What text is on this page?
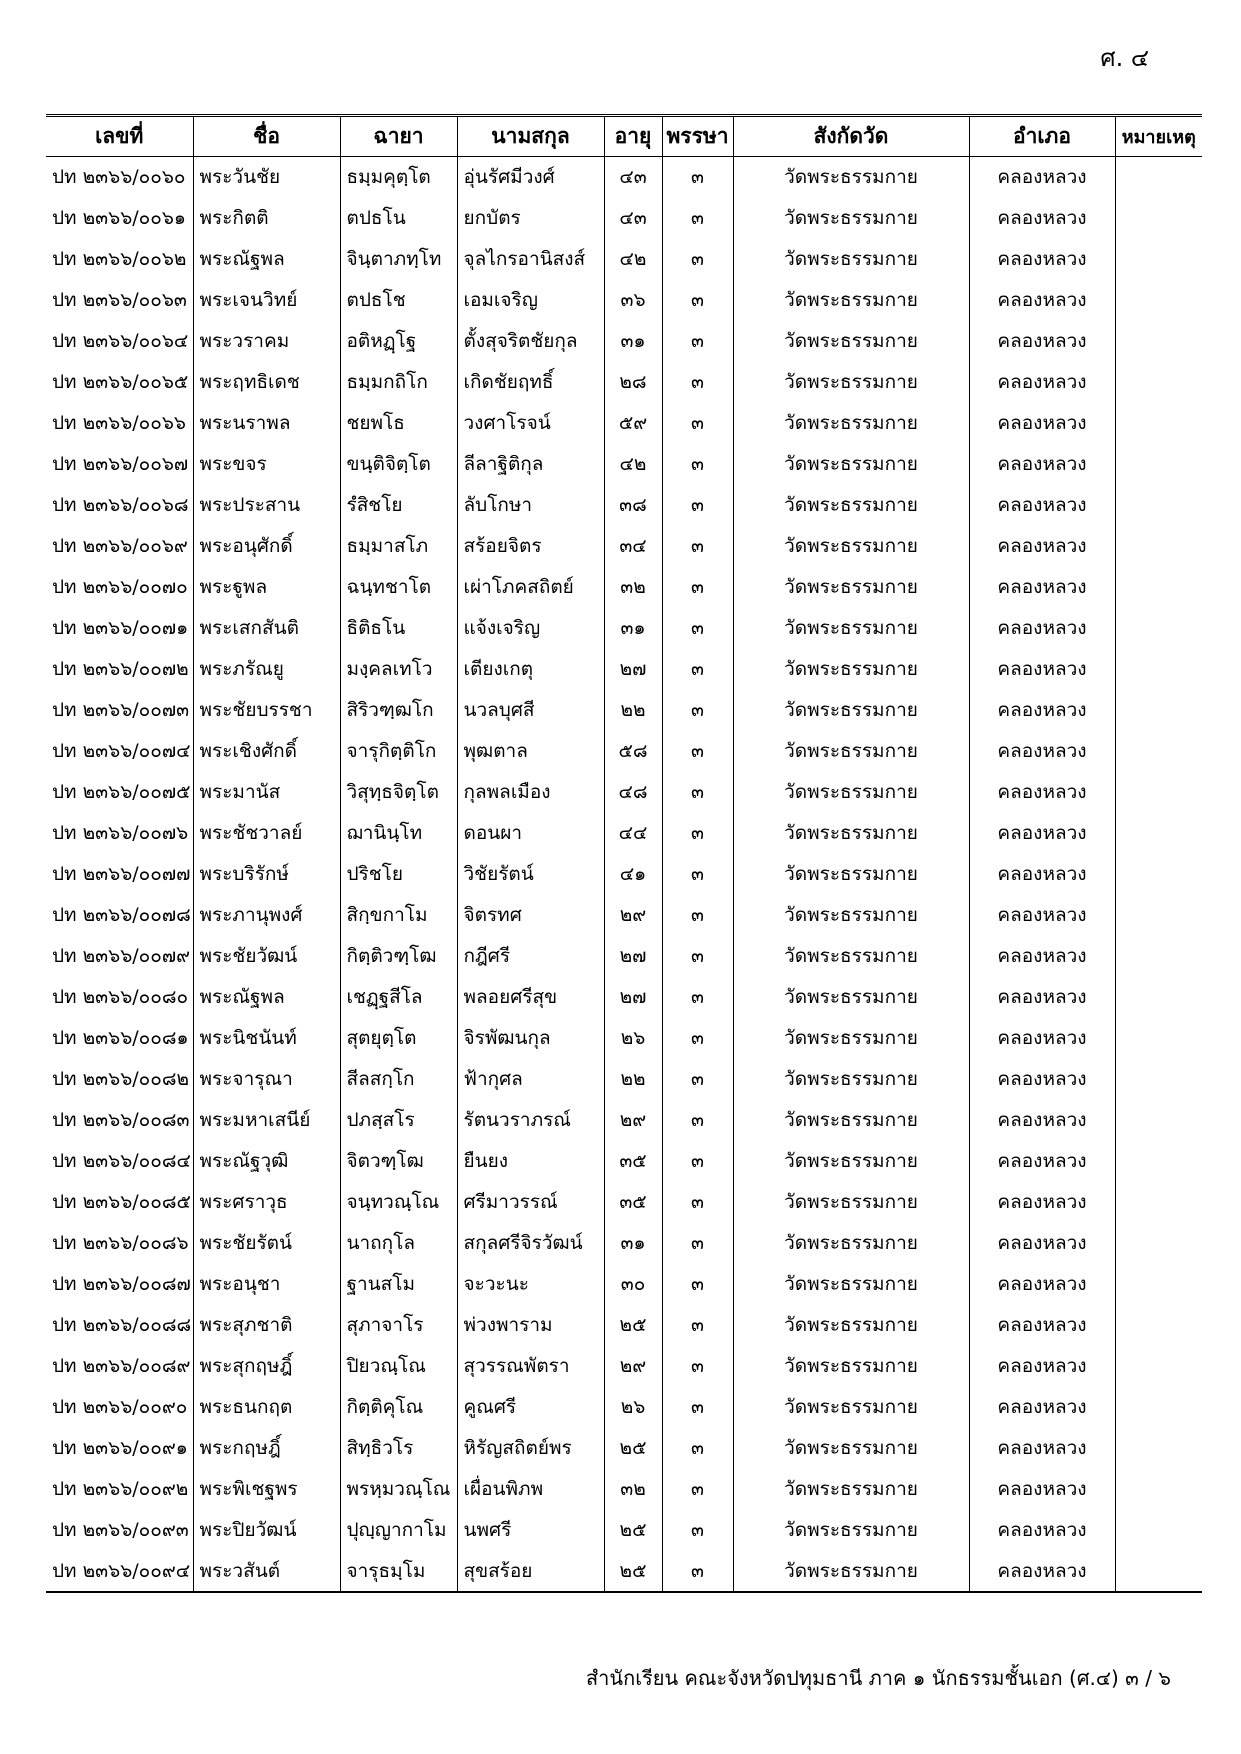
ศ. ๔
เลขที่	ชื่อ	ฉายา	นามสกุล	อายุ	พรรษา	สังกัดวัด	อำเภอ	หมายเหตุ
ปท ๒๓๖๖/๐๐๖๐	พระวันชัย	ธมฺมคุตฺโต	อุ่นรัศมีวงศ์	๔๓	๓	วัดพระธรรมกาย	คลองหลวง	
ปท ๒๓๖๖/๐๐๖๑	พระกิตติ	ตปธโน	ยกบัตร	๔๓	๓	วัดพระธรรมกาย	คลองหลวง	
ปท ๒๓๖๖/๐๐๖๒	พระณัฐพล	จินฺตาภทฺโท	จุลไกรอานิสงส์	๔๒	๓	วัดพระธรรมกาย	คลองหลวง	
ปท ๒๓๖๖/๐๐๖๓	พระเจนวิทย์	ตปธโช	เอมเจริญ	๓๖	๓	วัดพระธรรมกาย	คลองหลวง	
ปท ๒๓๖๖/๐๐๖๔	พระวราคม	อติหฏฺโฐ	ตั้งสุจริตชัยกุล	๓๑	๓	วัดพระธรรมกาย	คลองหลวง	
ปท ๒๓๖๖/๐๐๖๕	พระฤทธิเดช	ธมฺมกถิโก	เกิดชัยฤทธิ์	๒๘	๓	วัดพระธรรมกาย	คลองหลวง	
ปท ๒๓๖๖/๐๐๖๖	พระนราพล	ชยพโธ	วงศาโรจน์	๕๙	๓	วัดพระธรรมกาย	คลองหลวง	
ปท ๒๓๖๖/๐๐๖๗	พระขจร	ขนฺติจิตฺโต	ลีลาฐิติกุล	๔๒	๓	วัดพระธรรมกาย	คลองหลวง	
ปท ๒๓๖๖/๐๐๖๘	พระประสาน	รํสิชโย	ลับโกษา	๓๘	๓	วัดพระธรรมกาย	คลองหลวง	
ปท ๒๓๖๖/๐๐๖๙	พระอนุศักดิ์	ธมฺมาสโภ	สร้อยจิตร	๓๔	๓	วัดพระธรรมกาย	คลองหลวง	
ปท ๒๓๖๖/๐๐๗๐	พระฐูพล	ฉนฺทชาโต	เผ่าโภคสถิตย์	๓๒	๓	วัดพระธรรมกาย	คลองหลวง	
ปท ๒๓๖๖/๐๐๗๑	พระเสกสันติ	ธิติธโน	แจ้งเจริญ	๓๑	๓	วัดพระธรรมกาย	คลองหลวง	
ปท ๒๓๖๖/๐๐๗๒	พระภรัณยู	มงฺคลเทโว	เตียงเกตุ	๒๗	๓	วัดพระธรรมกาย	คลองหลวง	
ปท ๒๓๖๖/๐๐๗๓	พระชัยบรรชา	สิริวฑฺฒโก	นวลบุศสี	๒๒	๓	วัดพระธรรมกาย	คลองหลวง	
ปท ๒๓๖๖/๐๐๗๔	พระเชิงศักดิ์	จารุกิตฺติโก	พุฒตาล	๕๘	๓	วัดพระธรรมกาย	คลองหลวง	
ปท ๒๓๖๖/๐๐๗๕	พระมานัส	วิสุทฺธจิตฺโต	กุลพลเมือง	๔๘	๓	วัดพระธรรมกาย	คลองหลวง	
ปท ๒๓๖๖/๐๐๗๖	พระชัชวาลย์	ฌานินฺโท	ดอนผา	๔๔	๓	วัดพระธรรมกาย	คลองหลวง	
ปท ๒๓๖๖/๐๐๗๗	พระบริรักษ์	ปริชโย	วิชัยรัตน์	๔๑	๓	วัดพระธรรมกาย	คลองหลวง	
ปท ๒๓๖๖/๐๐๗๘	พระภานุพงศ์	สิกฺขกาโม	จิตรทศ	๒๙	๓	วัดพระธรรมกาย	คลองหลวง	
ปท ๒๓๖๖/๐๐๗๙	พระชัยวัฒน์	กิตฺติวฑฺโฒ	กฎีศรี	๒๗	๓	วัดพระธรรมกาย	คลองหลวง	
ปท ๒๓๖๖/๐๐๘๐	พระณัฐพล	เชฏฺฐสีโล	พลอยศรีสุข	๒๗	๓	วัดพระธรรมกาย	คลองหลวง	
ปท ๒๓๖๖/๐๐๘๑	พระนิชนันท์	สุตยุตฺโต	จิรพัฒนกุล	๒๖	๓	วัดพระธรรมกาย	คลองหลวง	
ปท ๒๓๖๖/๐๐๘๒	พระจารุณา	สีลสกฺโก	ฟ้ากุศล	๒๒	๓	วัดพระธรรมกาย	คลองหลวง	
ปท ๒๓๖๖/๐๐๘๓	พระมหาเสนีย์	ปภสฺสโร	รัตนวราภรณ์	๒๙	๓	วัดพระธรรมกาย	คลองหลวง	
ปท ๒๓๖๖/๐๐๘๔	พระณัฐวุฒิ	จิตวฑฺโฒ	ยืนยง	๓๕	๓	วัดพระธรรมกาย	คลองหลวง	
ปท ๒๓๖๖/๐๐๘๕	พระศราวุธ	จนฺทวณฺโณ	ศรีมาวรรณ์	๓๕	๓	วัดพระธรรมกาย	คลองหลวง	
ปท ๒๓๖๖/๐๐๘๖	พระชัยรัตน์	นาถกุโล	สกุลศรีจิรวัฒน์	๓๑	๓	วัดพระธรรมกาย	คลองหลวง	
ปท ๒๓๖๖/๐๐๘๗	พระอนุชา	ฐานสโม	จะวะนะ	๓๐	๓	วัดพระธรรมกาย	คลองหลวง	
ปท ๒๓๖๖/๐๐๘๘	พระสุภชาติ	สุภาจาโร	พ่วงพาราม	๒๕	๓	วัดพระธรรมกาย	คลองหลวง	
ปท ๒๓๖๖/๐๐๘๙	พระสุกฤษฎิ์	ปิยวณฺโณ	สุวรรณพัตรา	๒๙	๓	วัดพระธรรมกาย	คลองหลวง	
ปท ๒๓๖๖/๐๐๙๐	พระธนกฤต	กิตฺติคุโณ	คูณศรี	๒๖	๓	วัดพระธรรมกาย	คลองหลวง	
ปท ๒๓๖๖/๐๐๙๑	พระกฤษฎิ์	สิทฺธิวโร	หิรัญสถิตย์พร	๒๕	๓	วัดพระธรรมกาย	คลองหลวง	
ปท ๒๓๖๖/๐๐๙๒	พระพิเชฐพร	พรหฺมวณฺโณ	เผื่อนพิภพ	๓๒	๓	วัดพระธรรมกาย	คลองหลวง	
ปท ๒๓๖๖/๐๐๙๓	พระปิยวัฒน์	ปุญฺญากาโม	นพศรี	๒๕	๓	วัดพระธรรมกาย	คลองหลวง	
ปท ๒๓๖๖/๐๐๙๔	พระวสันต์	จารุธมฺโม	สุขสร้อย	๒๕	๓	วัดพระธรรมกาย	คลองหลวง	
สำนักเรียน คณะจังหวัดปทุมธานี ภาค ๑ นักธรรมชั้นเอก (ศ.๔) ๓ / ๖
